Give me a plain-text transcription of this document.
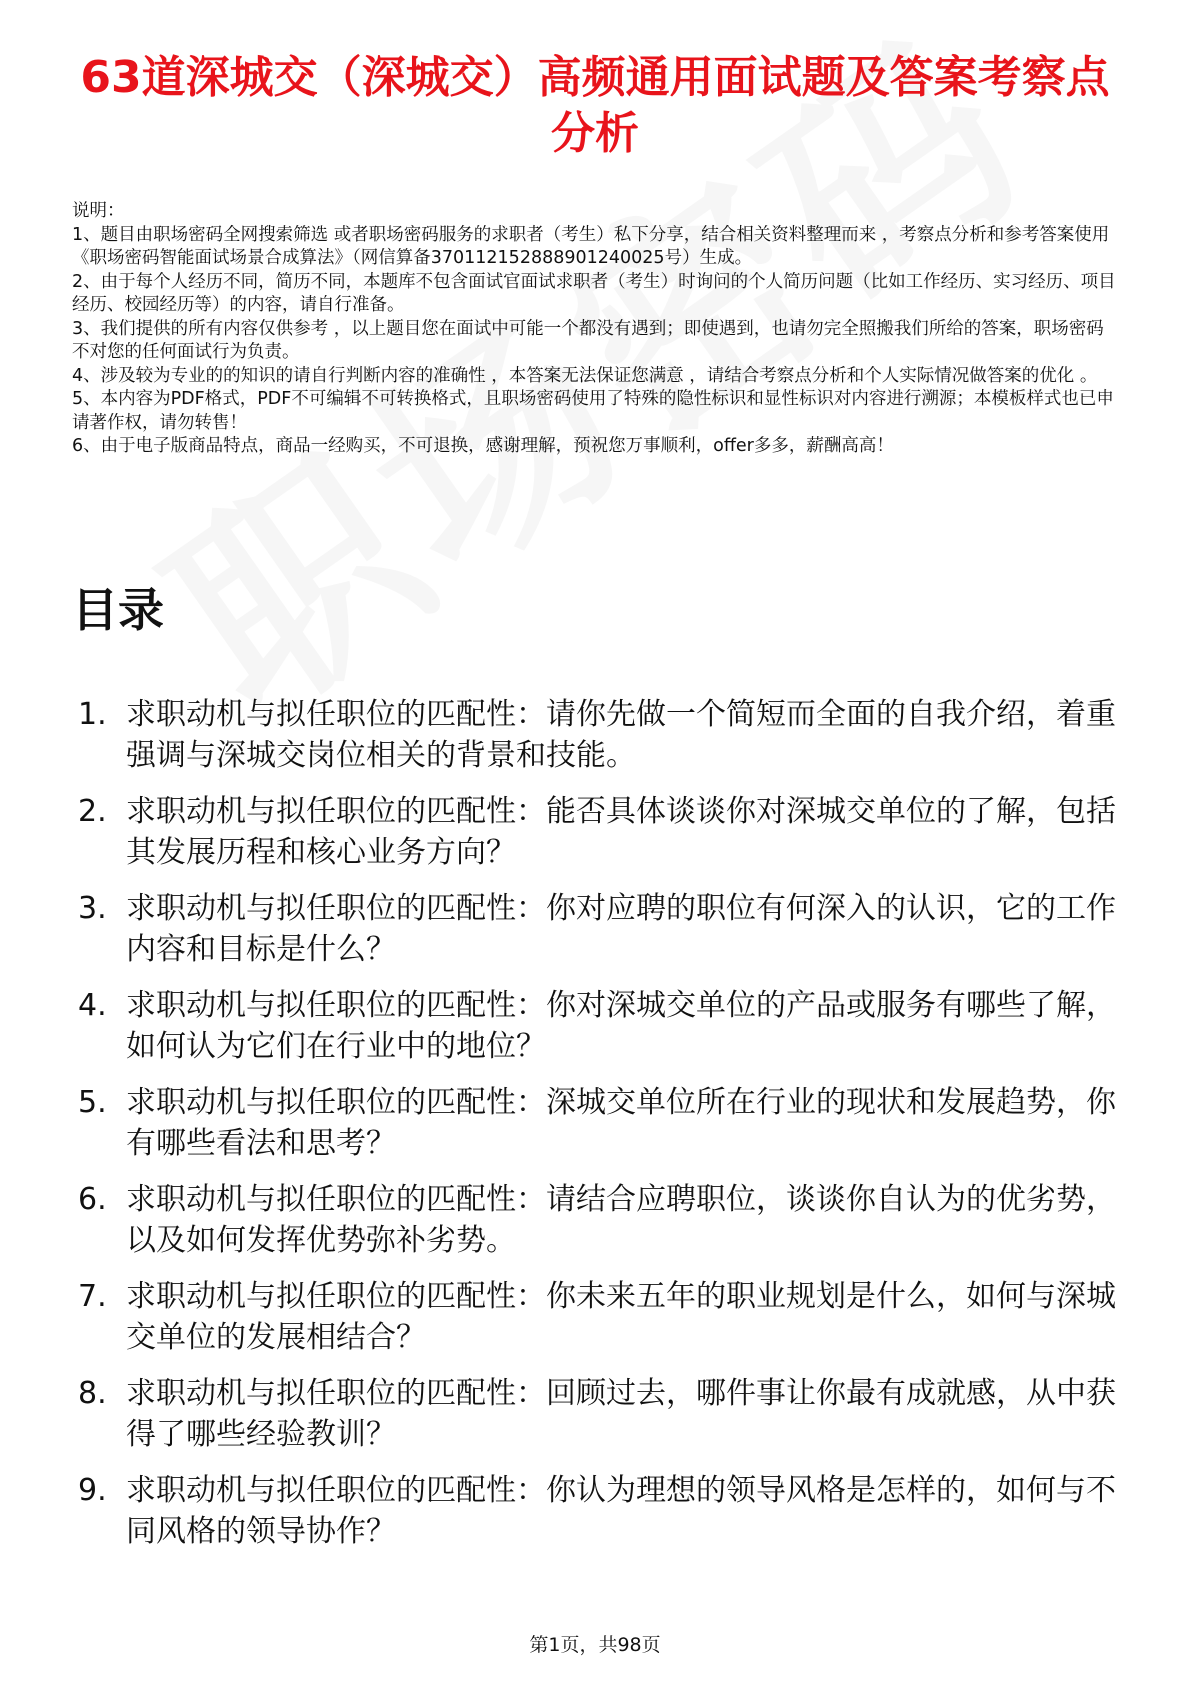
63道深城交（深城交）高频通用面试题及答案考察点分析

说明：

1、题目由职场密码全网搜索筛选 或者职场密码服务的求职者（考生）私下分享，结合相关资料整理而来 ，考察点分析和参考答案使用《职场密码智能面试场景合成算法》（网信算备370112152888901240025号）生成。

2、由于每个人经历不同，简历不同，本题库不包含面试官面试求职者（考生）时询问的个人简历问题（比如工作经历、实习经历、项目经历、校园经历等）的内容，请自行准备。

3、我们提供的所有内容仅供参考 ，以上题目您在面试中可能一个都没有遇到；即使遇到，也请勿完全照搬我们所给的答案，职场密码不对您的任何面试行为负责。

4、涉及较为专业的的知识的请自行判断内容的准确性 ，本答案无法保证您满意 ，请结合考察点分析和个人实际情况做答案的优化 。

5、本内容为PDF格式，PDF不可编辑不可转换格式，且职场密码使用了特殊的隐性标识和显性标识对内容进行溯源；本模板样式也已申请著作权，请勿转售！

6、由于电子版商品特点，商品一经购买，不可退换，感谢理解，预祝您万事顺利，offer多多，薪酬高高！

目录
1. 求职动机与拟任职位的匹配性：请你先做一个简短而全面的自我介绍，着重强调与深城交岗位相关的背景和技能。
2. 求职动机与拟任职位的匹配性：能否具体谈谈你对深城交单位的了解，包括其发展历程和核心业务方向？
3. 求职动机与拟任职位的匹配性：你对应聘的职位有何深入的认识，它的工作内容和目标是什么？
4. 求职动机与拟任职位的匹配性：你对深城交单位的产品或服务有哪些了解，如何认为它们在行业中的地位？
5. 求职动机与拟任职位的匹配性：深城交单位所在行业的现状和发展趋势，你有哪些看法和思考？
6. 求职动机与拟任职位的匹配性：请结合应聘职位，谈谈你自认为的优劣势，以及如何发挥优势弥补劣势。
7. 求职动机与拟任职位的匹配性：你未来五年的职业规划是什么，如何与深城交单位的发展相结合？
8. 求职动机与拟任职位的匹配性：回顾过去，哪件事让你最有成就感，从中获得了哪些经验教训？
9. 求职动机与拟任职位的匹配性：你认为理想的领导风格是怎样的，如何与不同风格的领导协作？
第1页，共98页
